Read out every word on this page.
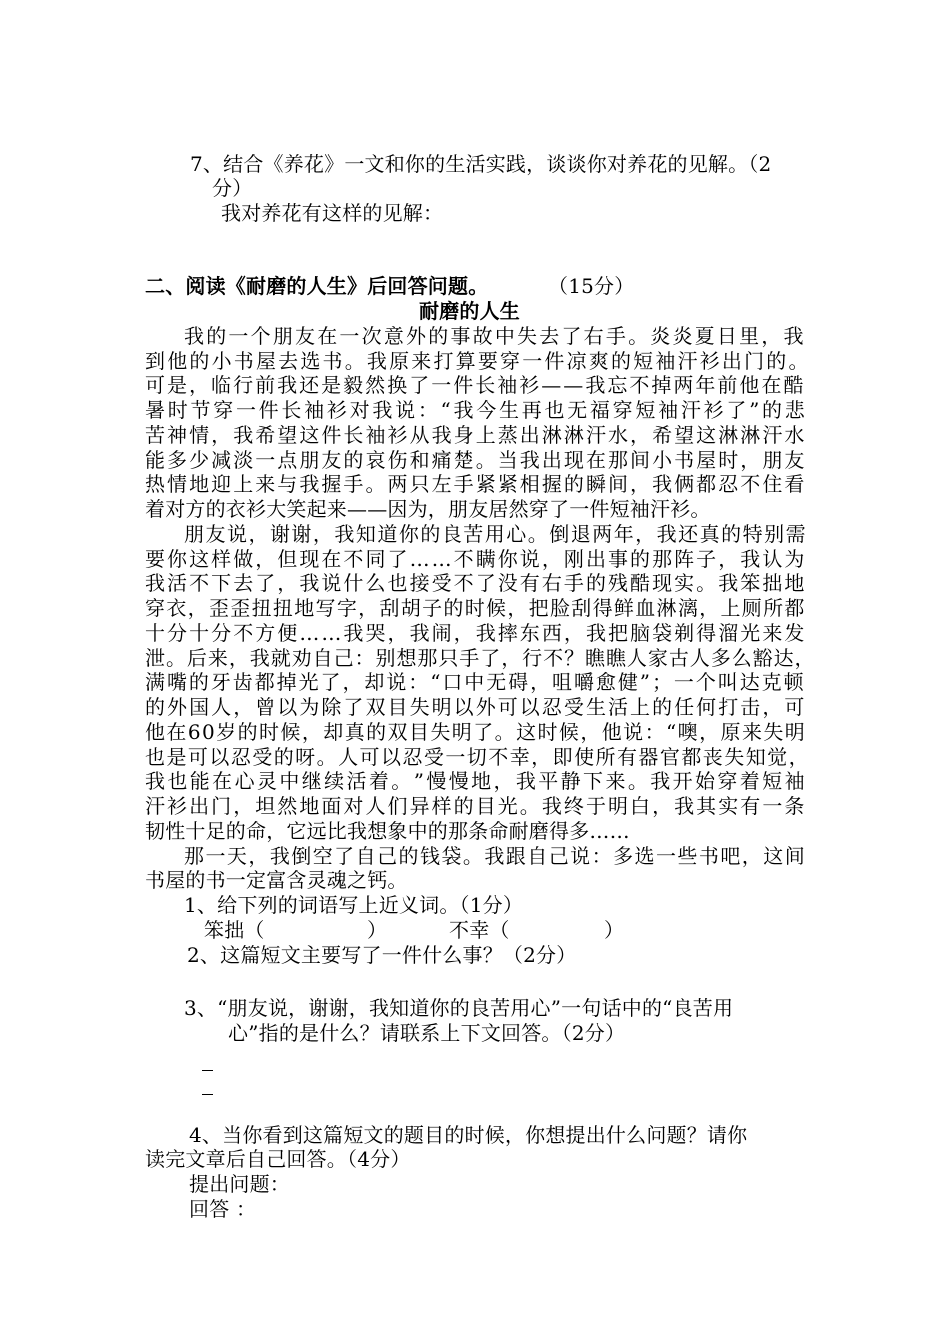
7、结合《养花》一文和你的生活实践，谈谈你对养花的见解。（2
分）
我对养花有这样的见解：
二、阅读《耐磨的人生》后回答问题。	（15分）
耐磨的人生
我 的 一 个 朋 友 在 一 次 意 外 的 事 故 中 失 去 了 右 手 。 炎 炎 夏 日 里 ， 我
到 他 的 小 书 屋 去 选 书 。 我 原 来 打 算 要 穿 一 件 凉 爽 的 短 袖 汗 衫 出 门 的 。
可 是 ， 临 行 前 我 还 是 毅 然 换 了 一 件 长 袖 衫 — — 我 忘 不 掉 两 年 前 他 在 酷
暑 时 节 穿 一 件 长 袖 衫 对 我 说 ： “ 我 今 生 再 也 无 福 穿 短 袖 汗 衫 了 ” 的 悲
苦 神 情 ， 我 希 望 这 件 长 袖 衫 从 我 身 上 蒸 出 淋 淋 汗 水 ， 希 望 这 淋 淋 汗 水
能 多 少 减 淡 一 点 朋 友 的 哀 伤 和 痛 楚 。 当 我 出 现 在 那 间 小 书 屋 时 ， 朋 友
热 情 地 迎 上 来 与 我 握 手 。 两 只 左 手 紧 紧 相 握 的 瞬 间 ， 我 俩 都 忍 不 住 看
着对方的衣衫大笑起来——因为，朋友居然穿了一件短袖汗衫。
朋 友 说 ， 谢 谢 ， 我 知 道 你 的 良 苦 用 心 。 倒 退 两 年 ， 我 还 真 的 特 别 需
要 你 这 样 做 ， 但 现 在 不 同 了 … … 不 瞒 你 说 ， 刚 出 事 的 那 阵 子 ， 我 认 为
我 活 不 下 去 了 ， 我 说 什 么 也 接 受 不 了 没 有 右 手 的 残 酷 现 实 。 我 笨 拙 地
穿 衣 ， 歪 歪 扭 扭 地 写 字 ， 刮 胡 子 的 时 候 ， 把 脸 刮 得 鲜 血 淋 漓 ， 上 厕 所 都
十 分 十 分 不 方 便 … … 我 哭 ， 我 闹 ， 我 摔 东 西 ， 我 把 脑 袋 剃 得 溜 光 来 发
泄 。 后 来 ， 我 就 劝 自 己 ： 别 想 那 只 手 了 ， 行 不 ？ 瞧 瞧 人 家 古 人 多 么 豁 达 ，
满 嘴 的 牙 齿 都 掉 光 了 ， 却 说 ： “ 口 中 无 碍 ， 咀 嚼 愈 健 ” ； 一 个 叫 达 克 顿
的 外 国 人 ， 曾 以 为 除 了 双 目 失 明 以 外 可 以 忍 受 生 活 上 的 任 何 打 击 ， 可
他 在 6 0 岁 的 时 候 ， 却 真 的 双 目 失 明 了 。 这 时 候 ， 他 说 ： “ 噢 ， 原 来 失 明
也 是 可 以 忍 受 的 呀 。 人 可 以 忍 受 一 切 不 幸 ， 即 使 所 有 器 官 都 丧 失 知 觉 ，
我 也 能 在 心 灵 中 继 续 活 着 。 ” 慢 慢 地 ， 我 平 静 下 来 。 我 开 始 穿 着 短 袖
汗 衫 出 门 ， 坦 然 地 面 对 人 们 异 样 的 目 光 。 我 终 于 明 白 ， 我 其 实 有 一 条
韧性十足的命，它远比我想象中的那条命耐磨得多……
那 一 天 ， 我 倒 空 了 自 己 的 钱 袋 。 我 跟 自 己 说 ： 多 选 一 些 书 吧 ， 这 间
书屋的书一定富含灵魂之钙。
1、给下列的词语写上近义词。（1分）
笨拙（	）	不幸（	）
2、这篇短文主要写了一件什么事？（2分）
3、“朋友说，谢谢，我知道你的良苦用心”一句话中的“良苦用
心”指的是什么？请联系上下文回答。（2分）
4、当你看到这篇短文的题目的时候，你想提出什么问题？请你
读完文章后自己回答。（4分）
提出问题：
回答 ：
